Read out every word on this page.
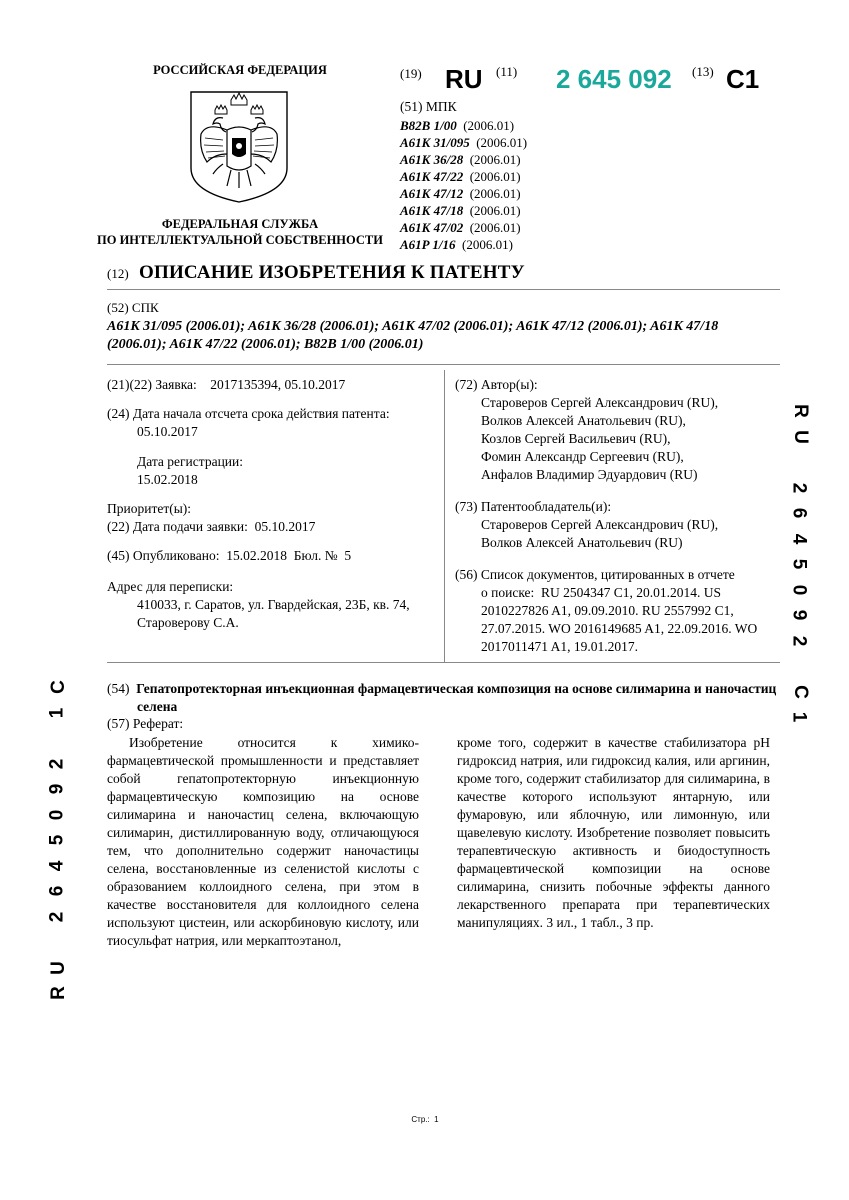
РОССИЙСКАЯ ФЕДЕРАЦИЯ
ФЕДЕРАЛЬНАЯ СЛУЖБА
ПО ИНТЕЛЛЕКТУАЛЬНОЙ СОБСТВЕННОСТИ
(19) RU (11) 2 645 092 (13) C1
(51) МПК
B82B 1/00 (2006.01)
A61K 31/095 (2006.01)
A61K 36/28 (2006.01)
A61K 47/22 (2006.01)
A61K 47/12 (2006.01)
A61K 47/18 (2006.01)
A61K 47/02 (2006.01)
A61P 1/16 (2006.01)
(12) ОПИСАНИЕ ИЗОБРЕТЕНИЯ К ПАТЕНТУ
(52) СПК
A61K 31/095 (2006.01); A61K 36/28 (2006.01); A61K 47/02 (2006.01); A61K 47/12 (2006.01); A61K 47/18
(2006.01); A61K 47/22 (2006.01); B82B 1/00 (2006.01)
(21)(22) Заявка: 2017135394, 05.10.2017
(24) Дата начала отсчета срока действия патента:
05.10.2017
Дата регистрации:
15.02.2018
Приоритет(ы):
(22) Дата подачи заявки: 05.10.2017
(45) Опубликовано: 15.02.2018 Бюл. № 5
Адрес для переписки:
410033, г. Саратов, ул. Гвардейская, 23Б, кв. 74,
Староверову С.А.
(72) Автор(ы):
Староверов Сергей Александрович (RU),
Волков Алексей Анатольевич (RU),
Козлов Сергей Васильевич (RU),
Фомин Александр Сергеевич (RU),
Анфалов Владимир Эдуардович (RU)
(73) Патентообладатель(и):
Староверов Сергей Александрович (RU),
Волков Алексей Анатольевич (RU)
(56) Список документов, цитированных в отчете
о поиске: RU 2504347 C1, 20.01.2014. US
2010227826 A1, 09.09.2010. RU 2557992 C1,
27.07.2015. WO 2016149685 A1, 22.09.2016. WO
2017011471 A1, 19.01.2017.
R
U
2
6
4
5
0
9
2
C
1
C
1
2
9
0
5
4
6
2
U
R
(54) Гепатопротекторная инъекционная фармацевтическая композиция на основе силимарина и наночастиц
селена
(57) Реферат:
Изобретение относится к химико-фармацевтической промышленности и представляет собой гепатопротекторную инъекционную фармацевтическую композицию на основе силимарина и наночастиц селена, включающую силимарин, дистиллированную воду, отличающуюся тем, что дополнительно содержит наночастицы селена, восстановленные из селенистой кислоты с образованием коллоидного селена, при этом в качестве восстановителя для коллоидного селена используют цистеин, или аскорбиновую кислоту, или тиосульфат натрия, или меркаптоэтанол,
кроме того, содержит в качестве стабилизатора pH гидроксид натрия, или гидроксид калия, или аргинин, кроме того, содержит стабилизатор для силимарина, в качестве которого используют янтарную, или фумаровую, или яблочную, или лимонную, или щавелевую кислоту. Изобретение позволяет повысить терапевтическую активность и биодоступность фармацевтической композиции на основе силимарина, снизить побочные эффекты данного лекарственного препарата при терапевтических манипуляциях. 3 ил., 1 табл., 3 пр.
Стр.: 1
